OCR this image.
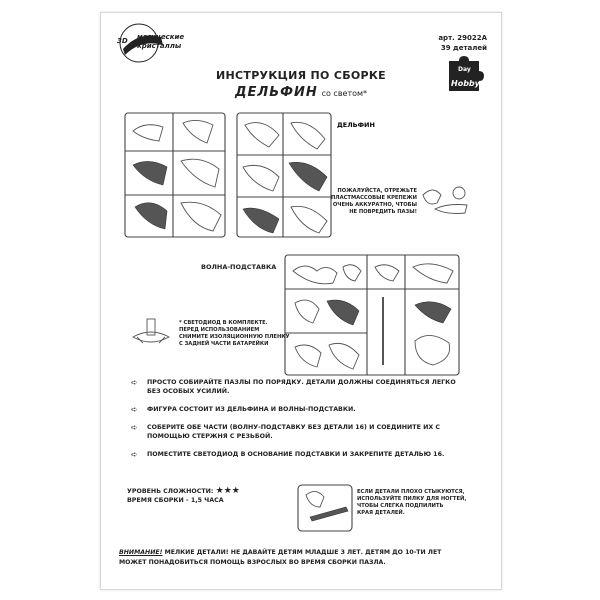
3D магические
кристаллы
арт. 29022А
39 деталей
Day
Hobby
ИНСТРУКЦИЯ ПО СБОРКЕ
ДЕЛЬФИН со светом*
ДЕЛЬФИН
ПОЖАЛУЙСТА, ОТРЕЖЬТЕ
ПЛАСТМАССОВЫЕ КРЕПЕЖИ
ОЧЕНЬ АККУРАТНО, ЧТОБЫ
НЕ ПОВРЕДИТЬ ПАЗЫ!
ВОЛНА-ПОДСТАВКА
* СВЕТОДИОД В КОМПЛЕКТЕ.
ПЕРЕД ИСПОЛЬЗОВАНИЕМ
СНИМИТЕ ИЗОЛЯЦИОННУЮ ПЛЕНКУ
С ЗАДНЕЙ ЧАСТИ БАТАРЕЙКИ
➪ ПРОСТО СОБИРАЙТЕ ПАЗЛЫ ПО ПОРЯДКУ. ДЕТАЛИ ДОЛЖНЫ СОЕДИНЯТЬСЯ ЛЕГКО БЕЗ ОСОБЫХ УСИЛИЙ.
➪ ФИГУРА СОСТОИТ ИЗ ДЕЛЬФИНА И ВОЛНЫ-ПОДСТАВКИ.
➪ СОБЕРИТЕ ОБЕ ЧАСТИ (ВОЛНУ-ПОДСТАВКУ БЕЗ ДЕТАЛИ 16) И СОЕДИНИТЕ ИХ С ПОМОЩЬЮ СТЕРЖНЯ С РЕЗЬБОЙ.
➪ ПОМЕСТИТЕ СВЕТОДИОД В ОСНОВАНИЕ ПОДСТАВКИ И ЗАКРЕПИТЕ ДЕТАЛЬЮ 16.
УРОВЕНЬ СЛОЖНОСТИ: ★★★
ВРЕМЯ СБОРКИ - 1,5 ЧАСА
ЕСЛИ ДЕТАЛИ ПЛОХО СТЫКУЮТСЯ,
ИСПОЛЬЗУЙТЕ ПИЛКУ ДЛЯ НОГТЕЙ,
ЧТОБЫ СЛЕГКА ПОДПИЛИТЬ
КРАЯ ДЕТАЛЕЙ.
ВНИМАНИЕ! МЕЛКИЕ ДЕТАЛИ! НЕ ДАВАЙТЕ ДЕТЯМ МЛАДШЕ 3 ЛЕТ. ДЕТЯМ ДО 10-ТИ ЛЕТ
МОЖЕТ ПОНАДОБИТЬСЯ ПОМОЩЬ ВЗРОСЛЫХ ВО ВРЕМЯ СБОРКИ ПАЗЛА.
